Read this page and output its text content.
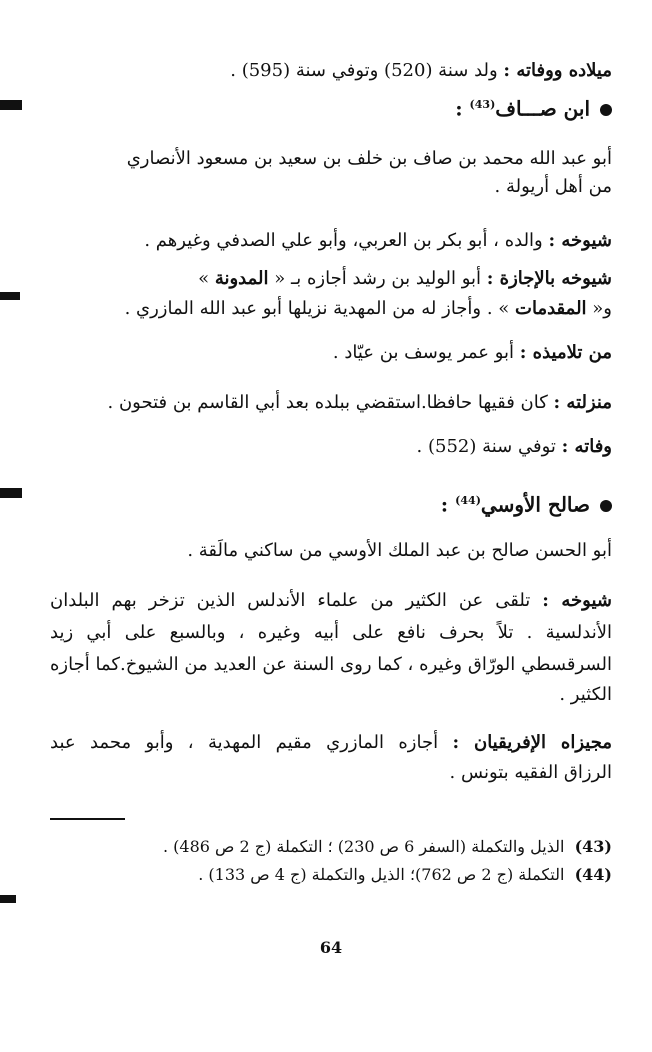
ميلاده ووفاته : ولد سنة (520) وتوفي سنة (595) .
ابن صـــاف$^{(43)}$ :
أبو عبد الله محمد بن صاف بن خلف بن سعيد بن مسعود الأنصاري
من أهل أريولة .
شيوخه : والده ، أبو بكر بن العربي، وأبو علي الصدفي وغيرهم .
شيوخه بالإجازة : أبو الوليد بن رشد أجازه بـ « المدونة »
و« المقدمات » . وأجاز له من المهدية نزيلها أبو عبد الله المازري .
من تلاميذه : أبو عمر يوسف بن عيّاد .
منزلته : كان فقيها حافظا.استقضي ببلده بعد أبي القاسم بن فتحون .
وفاته : توفي سنة (552) .
صالح الأوسي$^{(44)}$ :
أبو الحسن صالح بن عبد الملك الأوسي من ساكني مالَقة .
شيوخه : تلقى عن الكثير من علماء الأندلس الذين تزخر بهم البلدان
الأندلسية . تلاً بحرف نافع على أبيه وغيره ، وبالسبع على أبي زيد
السرقسطي الورّاق وغيره ، كما روى السنة عن العديد من الشيوخ.كما أجازه
الكثير .
مجيزاه الإفريقيان : أجازه المازري مقيم المهدية ، وأبو محمد عبد
الرزاق الفقيه بتونس .
(43)  الذيل والتكملة (السفر 6 ص 230) ؛ التكملة (ج 2 ص 486) .
(44)  التكملة (ج 2 ص 762)؛ الذيل والتكملة (ج 4 ص 133) .
64
